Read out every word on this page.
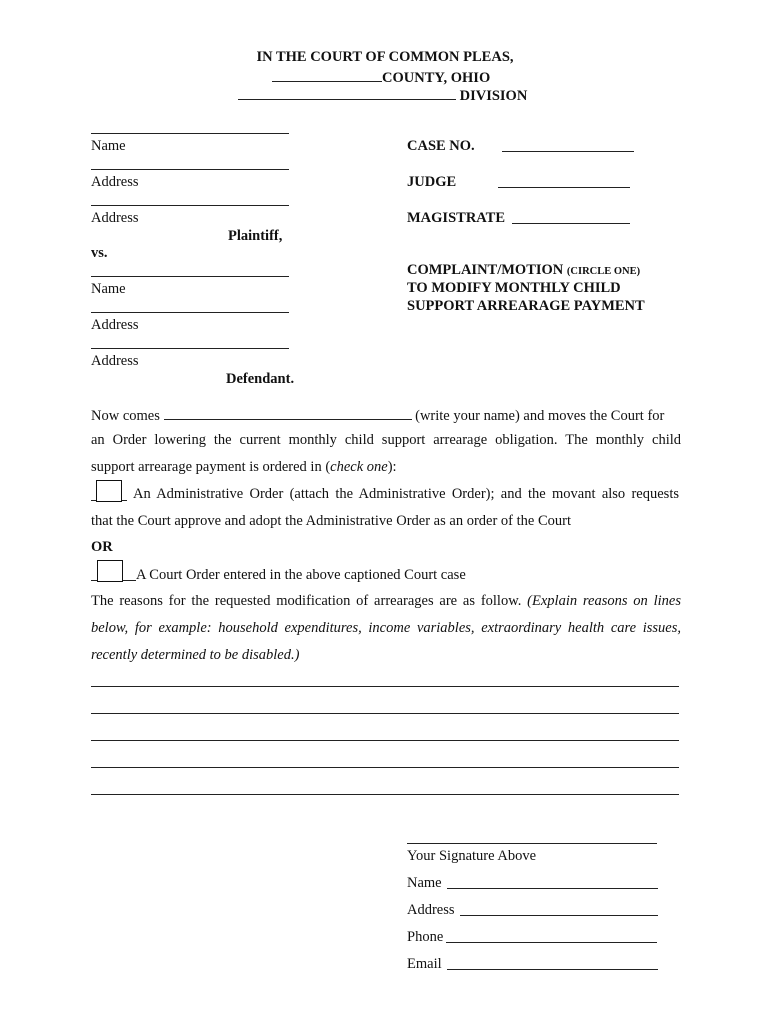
IN THE COURT OF COMMON PLEAS,
COUNTY, OHIO
DIVISION
Name
Address
Address
Plaintiff,
vs.
Name
Address
Address
Defendant.
CASE NO.
JUDGE
MAGISTRATE
COMPLAINT/MOTION (CIRCLE ONE)
TO MODIFY MONTHLY CHILD
SUPPORT ARREARAGE PAYMENT
Now comes	(write your name) and moves the Court for
an Order lowering the current monthly child support arrearage obligation. The monthly child
support arrearage payment is ordered in (check one):
An Administrative Order (attach the Administrative Order); and the movant also requests
that the Court approve and adopt the Administrative Order as an order of the Court
OR
A Court Order entered in the above captioned Court case
The reasons for the requested modification of arrearages are as follow. (Explain reasons on lines
below, for example: household expenditures, income variables, extraordinary health care issues,
recently determined to be disabled.)
Your Signature Above
Name
Address
Phone
Email
